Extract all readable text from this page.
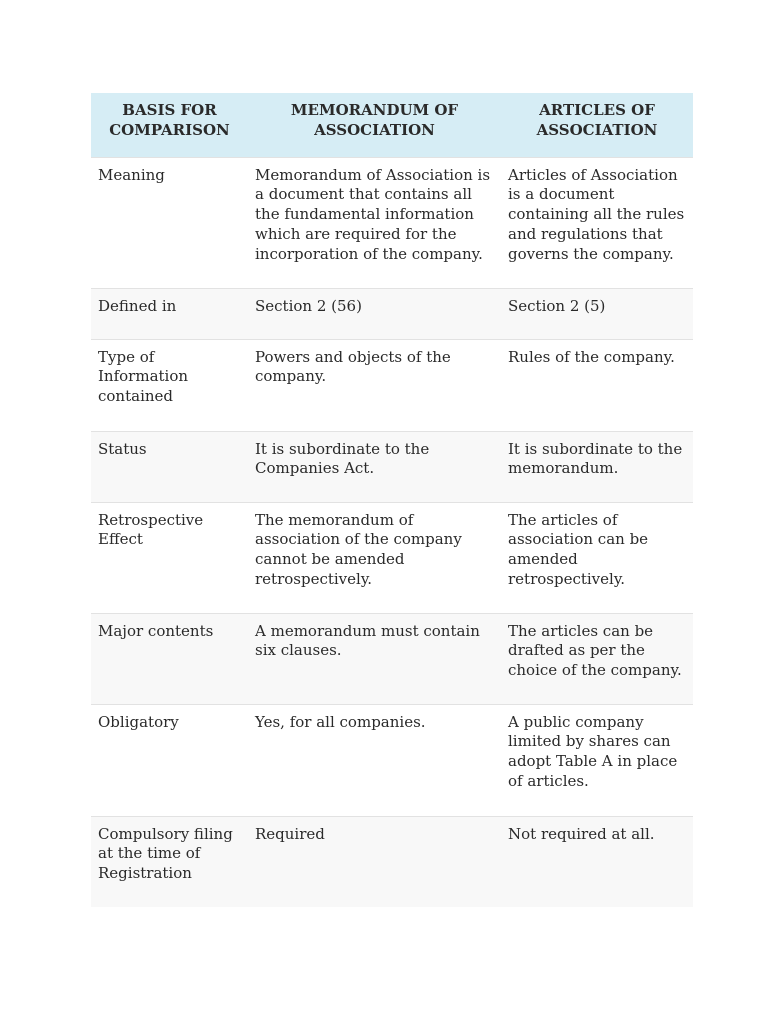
BASIS FOR COMPARISON	MEMORANDUM OF ASSOCIATION	ARTICLES OF ASSOCIATION
Meaning	Memorandum of Association is a document that contains all the fundamental information which are required for the incorporation of the company.	Articles of Association is a document containing all the rules and regulations that governs the company.
Defined in	Section 2 (56)	Section 2 (5)
Type of Information contained	Powers and objects of the company.	Rules of the company.
Status	It is subordinate to the Companies Act.	It is subordinate to the memorandum.
Retrospective Effect	The memorandum of association of the company cannot be amended retrospectively.	The articles of association can be amended retrospectively.
Major contents	A memorandum must contain six clauses.	The articles can be drafted as per the choice of the company.
Obligatory	Yes, for all companies.	A public company limited by shares can adopt Table A in place of articles.
Compulsory filing at the time of Registration	Required	Not required at all.
